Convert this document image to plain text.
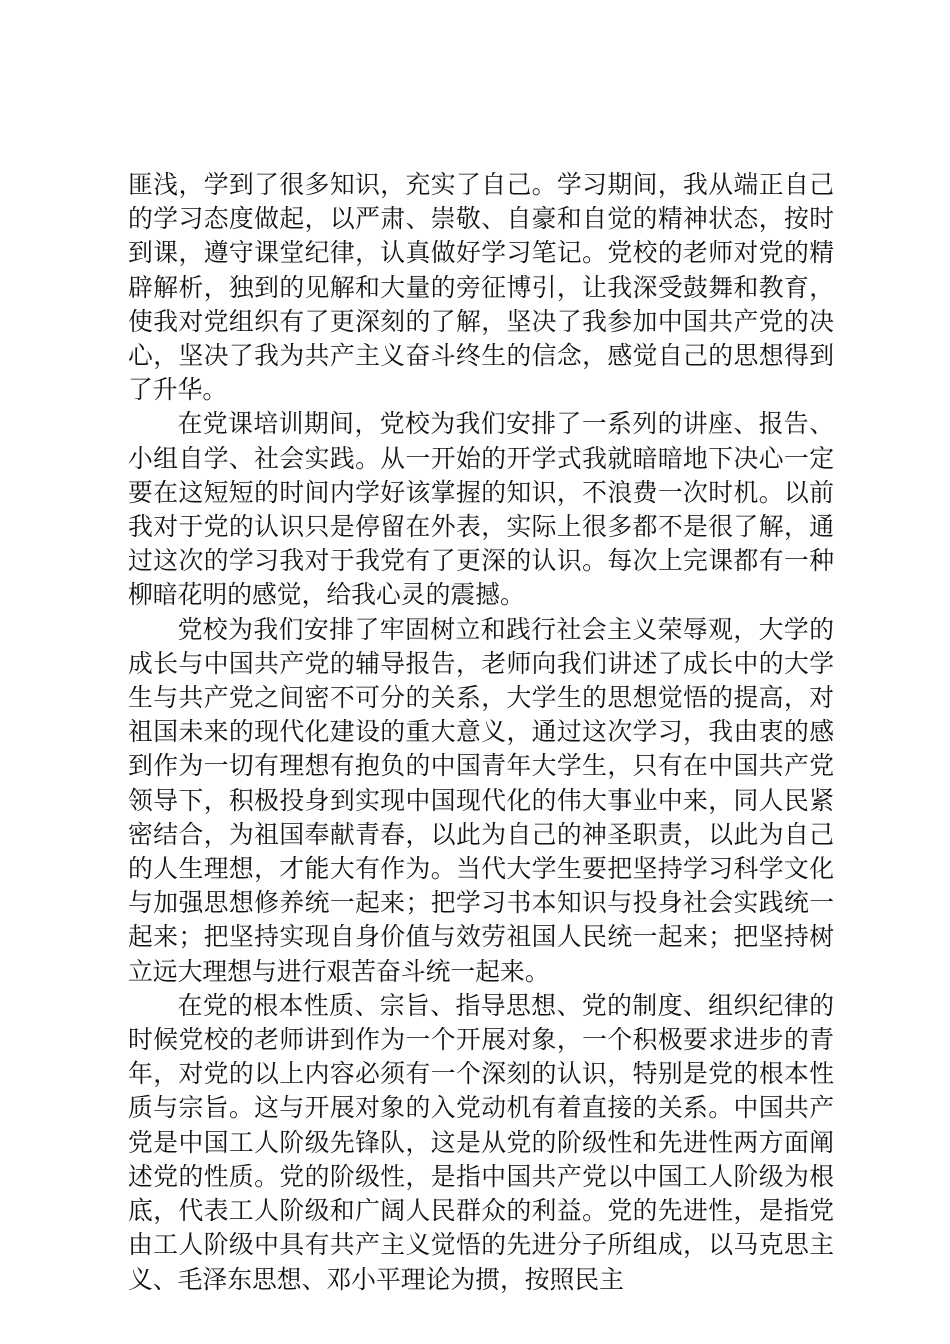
匪浅，学到了很多知识，充实了自己。学习期间，我从端正自己的学习态度做起，以严肃、崇敬、自豪和自觉的精神状态，按时到课，遵守课堂纪律，认真做好学习笔记。党校的老师对党的精辟解析，独到的见解和大量的旁征博引，让我深受鼓舞和教育，使我对党组织有了更深刻的了解，坚决了我参加中国共产党的决心，坚决了我为共产主义奋斗终生的信念，感觉自己的思想得到了升华。

在党课培训期间，党校为我们安排了一系列的讲座、报告、小组自学、社会实践。从一开始的开学式我就暗暗地下决心一定要在这短短的时间内学好该掌握的知识，不浪费一次时机。以前我对于党的认识只是停留在外表，实际上很多都不是很了解，通过这次的学习我对于我党有了更深的认识。每次上完课都有一种柳暗花明的感觉，给我心灵的震撼。

党校为我们安排了牢固树立和践行社会主义荣辱观，大学的成长与中国共产党的辅导报告，老师向我们讲述了成长中的大学生与共产党之间密不可分的关系，大学生的思想觉悟的提高，对祖国未来的现代化建设的重大意义，通过这次学习，我由衷的感到作为一切有理想有抱负的中国青年大学生，只有在中国共产党领导下，积极投身到实现中国现代化的伟大事业中来，同人民紧密结合，为祖国奉献青春，以此为自己的神圣职责，以此为自己的人生理想，才能大有作为。当代大学生要把坚持学习科学文化与加强思想修养统一起来；把学习书本知识与投身社会实践统一起来；把坚持实现自身价值与效劳祖国人民统一起来；把坚持树立远大理想与进行艰苦奋斗统一起来。

在党的根本性质、宗旨、指导思想、党的制度、组织纪律的时候党校的老师讲到作为一个开展对象，一个积极要求进步的青年，对党的以上内容必须有一个深刻的认识，特别是党的根本性质与宗旨。这与开展对象的入党动机有着直接的关系。中国共产党是中国工人阶级先锋队，这是从党的阶级性和先进性两方面阐述党的性质。党的阶级性，是指中国共产党以中国工人阶级为根底，代表工人阶级和广阔人民群众的利益。党的先进性，是指党由工人阶级中具有共产主义觉悟的先进分子所组成，以马克思主义、毛泽东思想、邓小平理论为掼，按照民主
